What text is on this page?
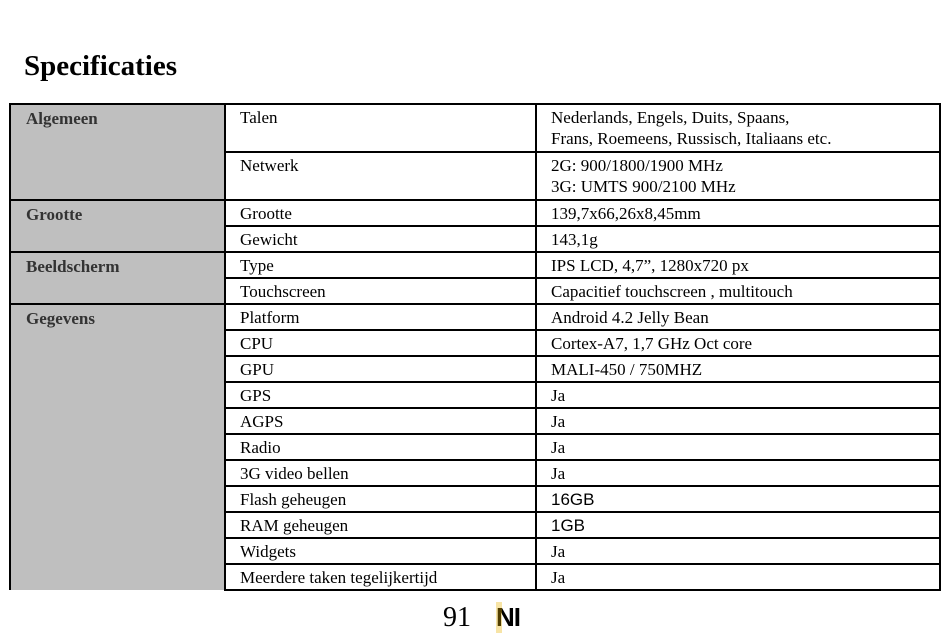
Specificaties
Algemeen	Talen	Nederlands, Engels, Duits, Spaans,
Frans, Roemeens, Russisch, Italiaans etc.

	Netwerk	2G: 900/1800/1900 MHz
3G: UMTS 900/2100 MHz

Grootte	Grootte	139,7x66,26x8,45mm
	Gewicht	143,1g
Beeldscherm	Type	IPS LCD, 4,7”, 1280x720 px
	Touchscreen	Capacitief touchscreen , multitouch
Gegevens	Platform	Android 4.2 Jelly Bean
	CPU	Cortex-A7, 1,7 GHz Oct core
	GPU	MALI-450 / 750MHZ
	GPS	Ja
	AGPS	Ja
	Radio	Ja
	3G video bellen	Ja
	Flash geheugen	16GB
	RAM geheugen	1GB
	Widgets	Ja
	Meerdere taken tegelijkertijd	Ja
91 NI
